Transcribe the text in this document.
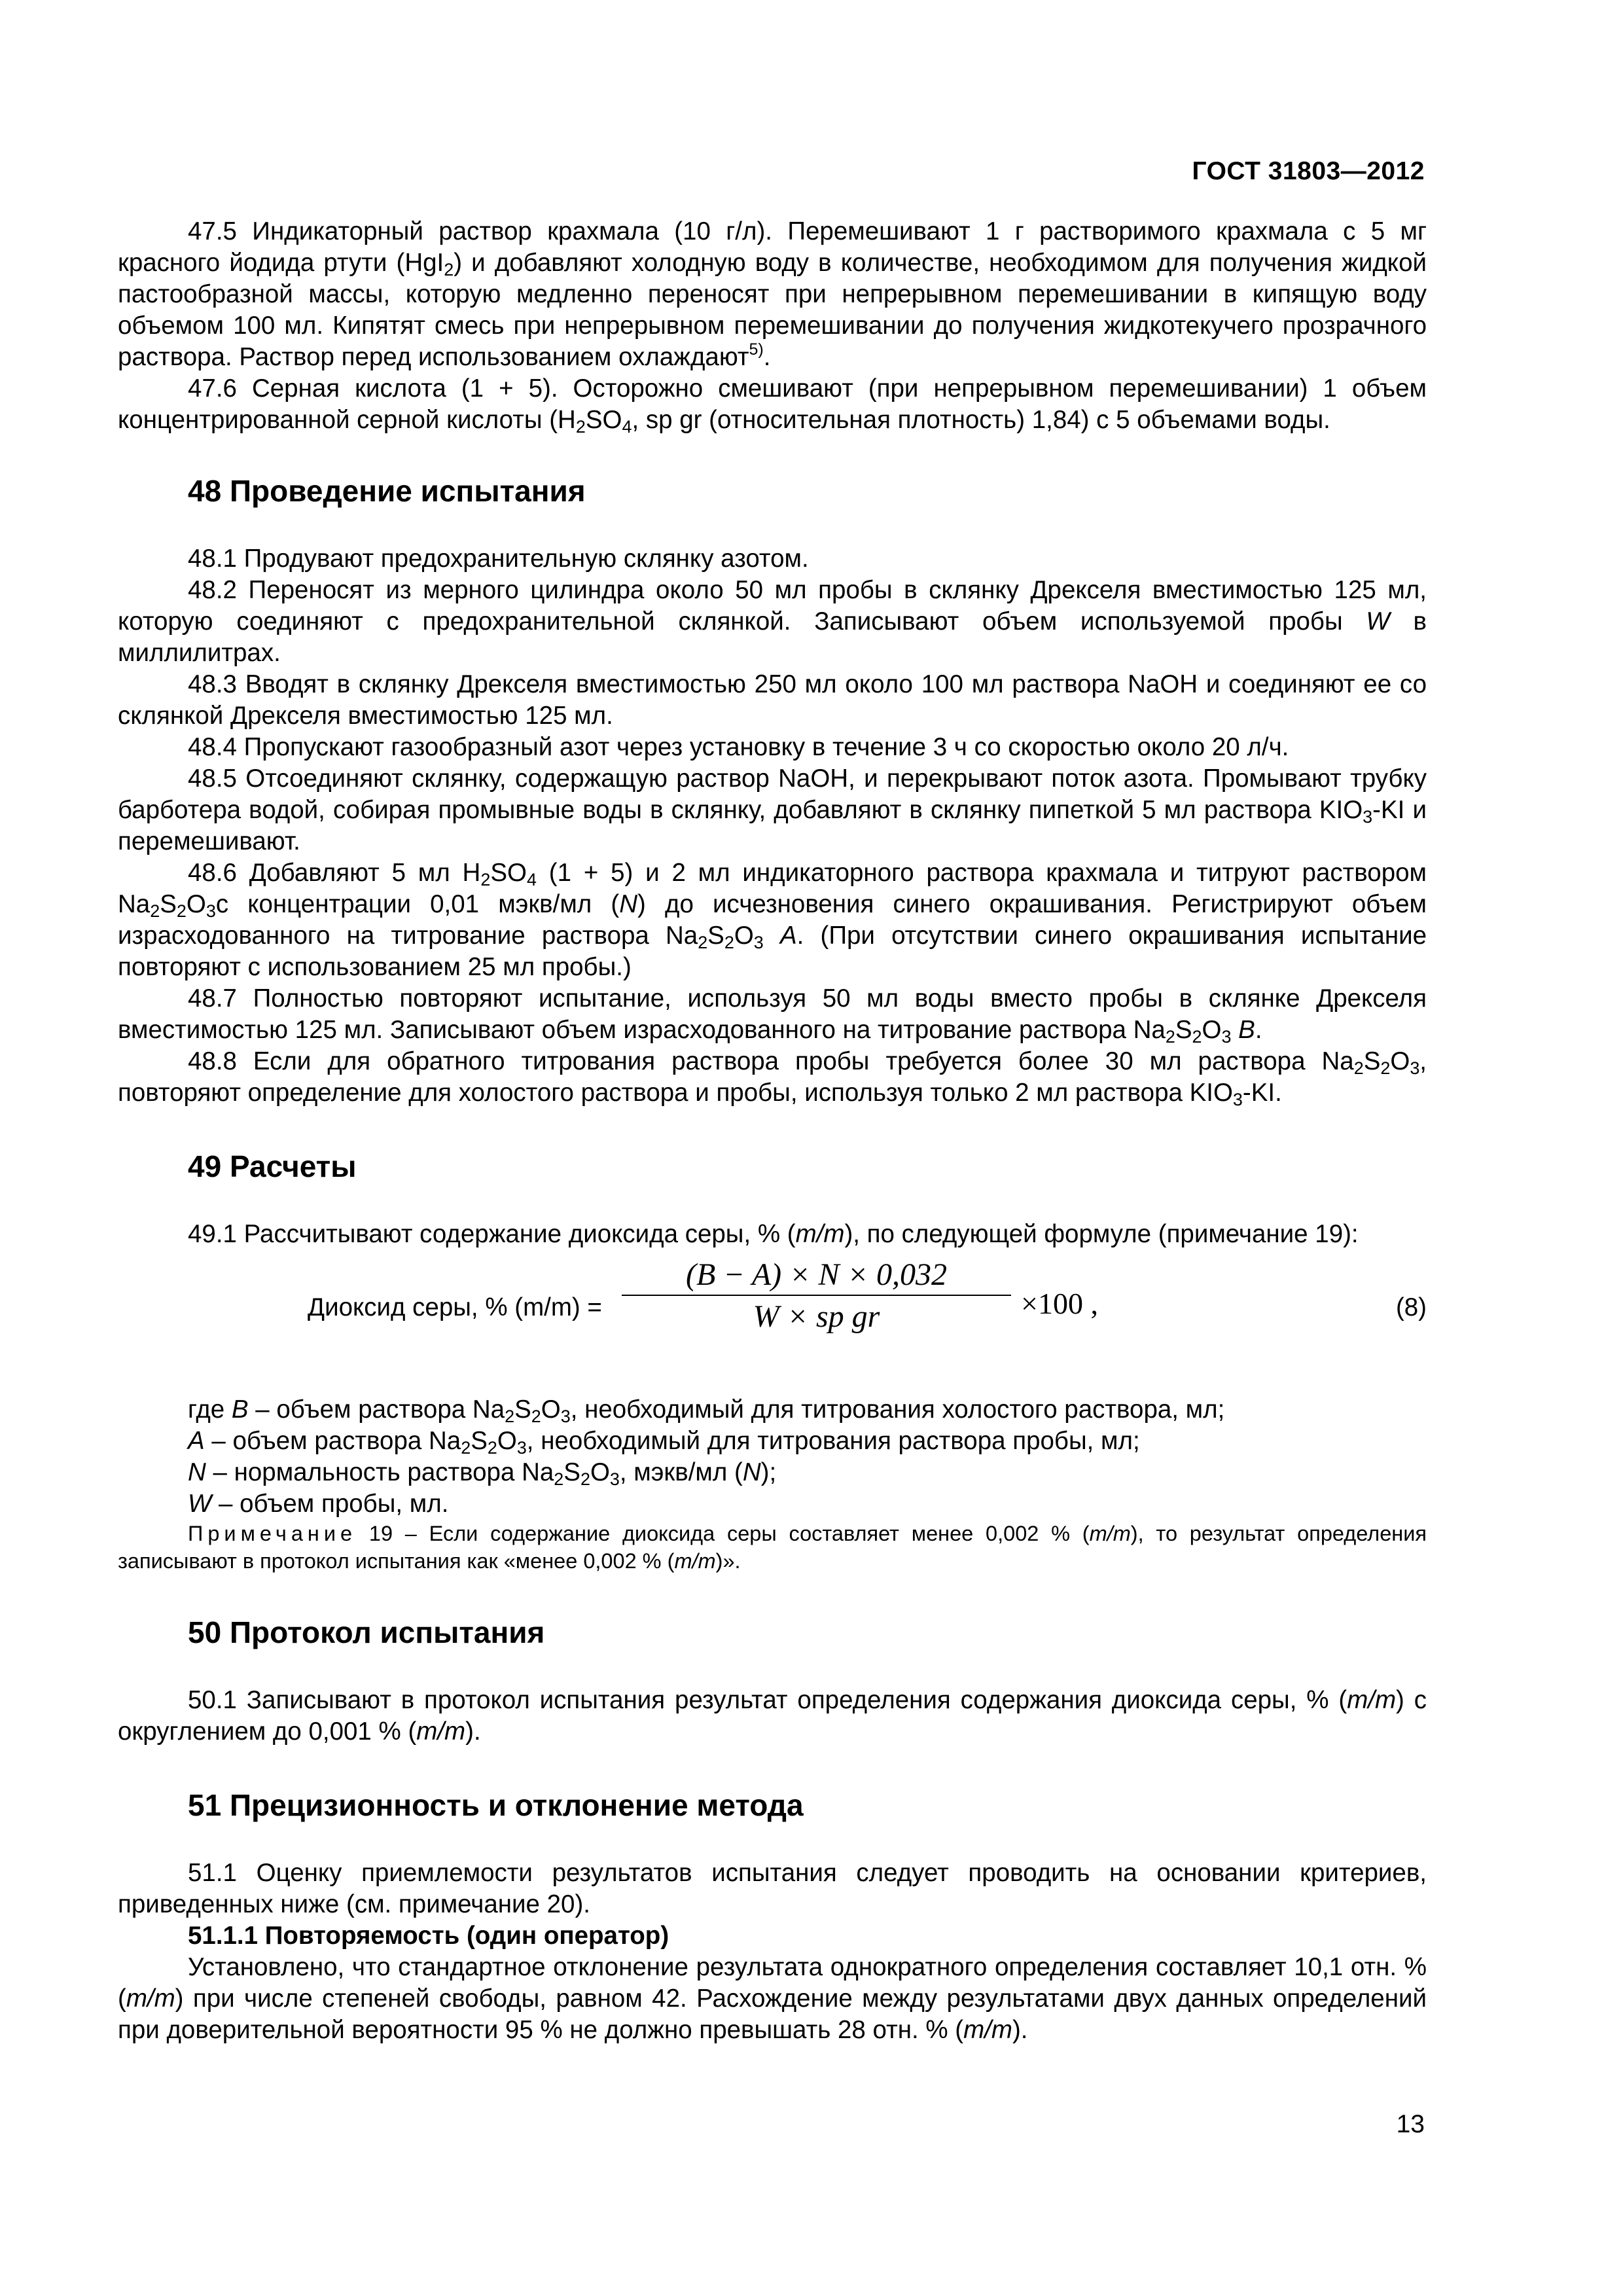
ГОСТ 31803—2012

47.5 Индикаторный раствор крахмала (10 г/л). Перемешивают 1 г растворимого крахмала с 5 мг красного йодида ртути (HgI$_2$) и добавляют холодную воду в количестве, необходимом для получения жидкой пастообразной массы, которую медленно переносят при непрерывном перемешивании в кипящую воду объемом 100 мл. Кипятят смесь при непрерывном перемешивании до получения жидкотекучего прозрачного раствора. Раствор перед использованием охлаждают$^{5)}$.

47.6 Серная кислота (1 + 5). Осторожно смешивают (при непрерывном перемешивании) 1 объем концентрированной серной кислоты ($H_2SO_4$, sp gr (относительная плотность) 1,84) с 5 объемами воды.

48 Проведение испытания

48.1 Продувают предохранительную склянку азотом.

48.2 Переносят из мерного цилиндра около 50 мл пробы в склянку Дрекселя вместимостью 125 мл, которую соединяют с предохранительной склянкой. Записывают объем используемой пробы W в миллилитрах.

48.3 Вводят в склянку Дрекселя вместимостью 250 мл около 100 мл раствора NaOH и соединяют ее со склянкой Дрекселя вместимостью 125 мл.

48.4 Пропускают газообразный азот через установку в течение 3 ч со скоростью около 20 л/ч.

48.5 Отсоединяют склянку, содержащую раствор NaOH, и перекрывают поток азота. Промывают трубку барботера водой, собирая промывные воды в склянку, добавляют в склянку пипеткой 5 мл раствора $KIO_3-KI$ и перемешивают.

48.6 Добавляют 5 мл $H_2SO_4$ (1 + 5) и 2 мл индикаторного раствора крахмала и титруют раствором $Na_2S_2O_3с$ концентрации 0,01 мэкв/мл (N) до исчезновения синего окрашивания. Регистрируют объем израсходованного на титрование раствора $Na_2S_2O_3$ A. (При отсутствии синего окрашивания испытание повторяют с использованием 25 мл пробы.)

48.7 Полностью повторяют испытание, используя 50 мл воды вместо пробы в склянке Дрекселя вместимостью 125 мл. Записывают объем израсходованного на титрование раствора $Na_2S_2O_3$ B.

48.8 Если для обратного титрования раствора пробы требуется более 30 мл раствора $Na_2S_2O_3$, повторяют определение для холостого раствора и пробы, используя только 2 мл раствора $KIO_3-KI$.

49 Расчеты

49.1 Рассчитывают содержание диоксида серы, % (m/m), по следующей формуле (примечание 19):

Диоксид серы, % $(m/m) = \frac{(B - A) \times N \times 0,032}{\text{W × sp gr}} \times 100$ ,	(8)

где B – объем раствора $Na_2S_2O_3$, необходимый для титрования холостого раствора, мл;

A – объем раствора $Na_2S_2O_3$, необходимый для титрования раствора пробы, мл;

N – нормальность раствора $Na_2S_2O_3$, мэкв/мл (N);

W – объем пробы, мл.

Примечание 19 – Если содержание диоксида серы составляет менее 0,002 % (m/m), то результат определения записывают в протокол испытания как «менее 0,002 % (m/m)».

50 Протокол испытания

50.1 Записывают в протокол испытания результат определения содержания диоксида серы, % (m/m) с округлением до 0,001 % (m/m).

51 Прецизионность и отклонение метода

51.1 Оценку приемлемости результатов испытания следует проводить на основании критериев, приведенных ниже (см. примечание 20).

51.1.1 Повторяемость (один оператор)

Установлено, что стандартное отклонение результата однократного определения составляет 10,1 отн. % (m/m) при числе степеней свободы, равном 42. Расхождение между результатами двух данных определений при доверительной вероятности 95 % не должно превышать 28 отн. % (m/m).

13
